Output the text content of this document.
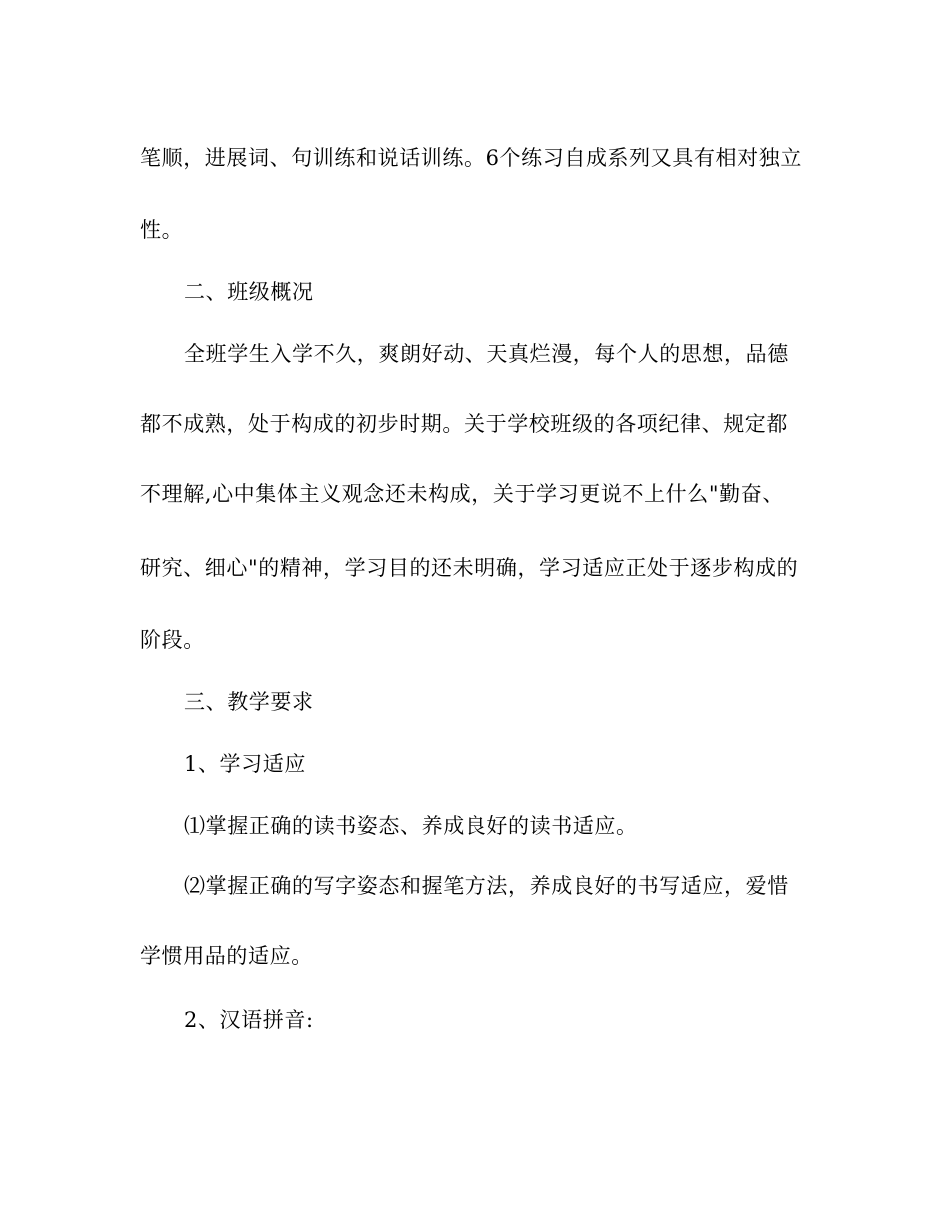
笔顺，进展词、句训练和说话训练。6个练习自成系列又具有相对独立
性。
二、班级概况
全班学生入学不久，爽朗好动、天真烂漫，每个人的思想，品德
都不成熟，处于构成的初步时期。关于学校班级的各项纪律、规定都
不理解,心中集体主义观念还未构成，关于学习更说不上什么"勤奋、
研究、细心"的精神，学习目的还未明确，学习适应正处于逐步构成的
阶段。
三、教学要求
1、学习适应
⑴掌握正确的读书姿态、养成良好的读书适应。
⑵掌握正确的写字姿态和握笔方法，养成良好的书写适应，爱惜
学惯用品的适应。
2、汉语拼音:
